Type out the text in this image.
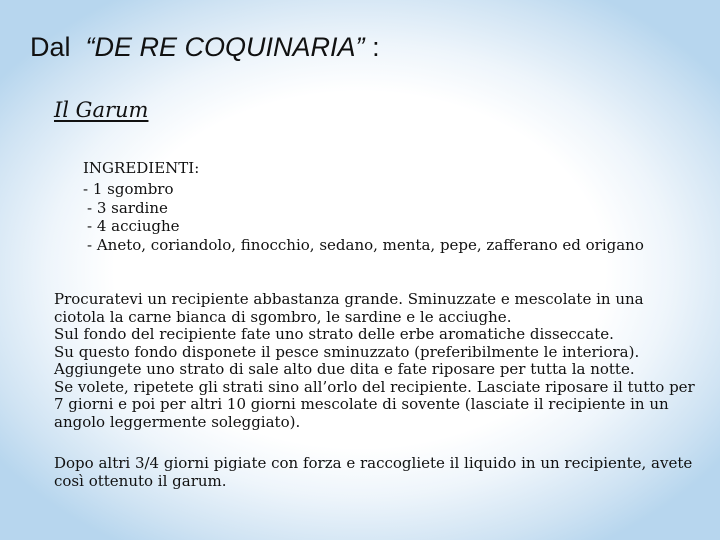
Dal “DE RE COQUINARIA” :
Il Garum
INGREDIENTI:
- 1 sgombro
- 3 sardine
- 4 acciughe
- Aneto, coriandolo, finocchio, sedano, menta, pepe, zafferano ed origano
Procuratevi un recipiente abbastanza grande. Sminuzzate e mescolate in una
ciotola la carne bianca di sgombro, le sardine e le acciughe.
Sul fondo del recipiente fate uno strato delle erbe aromatiche disseccate.
Su questo fondo disponete il pesce sminuzzato (preferibilmente le interiora).
Aggiungete uno strato di sale alto due dita e fate riposare per tutta la notte.
Se volete, ripetete gli strati sino all’orlo del recipiente. Lasciate riposare il tutto per
7 giorni e poi per altri 10 giorni mescolate di sovente (lasciate il recipiente in un
angolo leggermente soleggiato).
Dopo altri 3/4 giorni pigiate con forza e raccogliete il liquido in un recipiente, avete
così ottenuto il garum.
